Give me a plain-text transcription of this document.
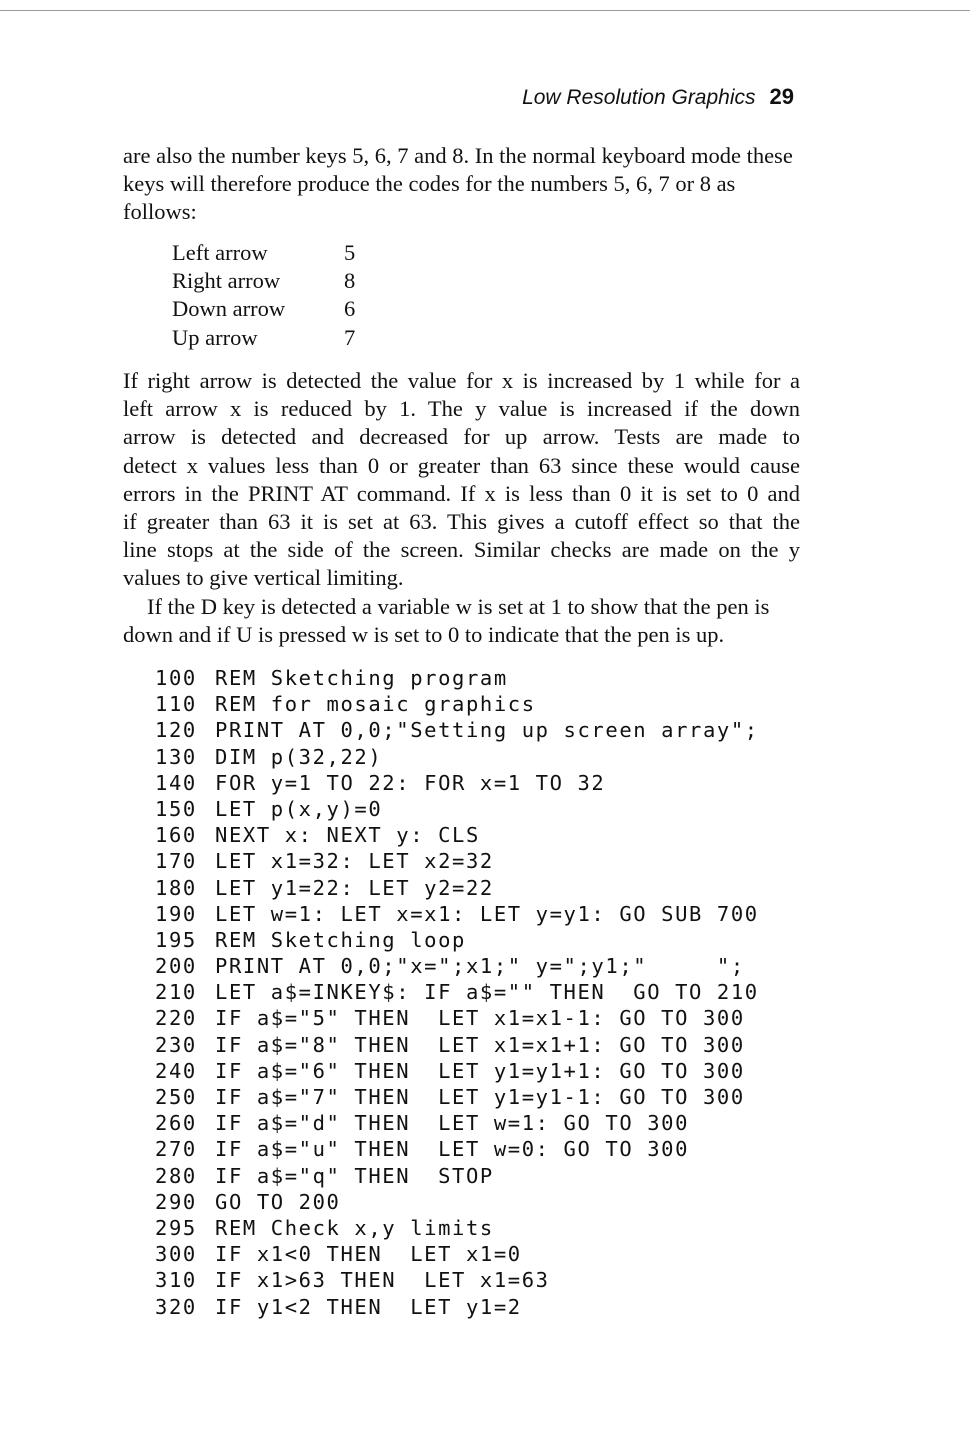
Low Resolution Graphics 29

are also the number keys 5, 6, 7 and 8. In the normal keyboard mode these keys will therefore produce the codes for the numbers 5, 6, 7 or 8 as follows:

Left arrow	5
Right arrow	8
Down arrow	6
Up arrow	7
If right arrow is detected the value for x is increased by 1 while for a
left arrow x is reduced by 1. The y value is increased if the down
arrow is detected and decreased for up arrow. Tests are made to
detect x values less than 0 or greater than 63 since these would cause
errors in the PRINT AT command. If x is less than 0 it is set to 0 and
if greater than 63 it is set at 63. This gives a cutoff effect so that the
line stops at the side of the screen. Similar checks are made on the y
values to give vertical limiting.

If the D key is detected a variable w is set at 1 to show that the pen is down and if U is pressed w is set to 0 to indicate that the pen is up.

100 REM Sketching program
110 REM for mosaic graphics
120 PRINT AT 0,0;"Setting up screen array";
130 DIM p(32,22)
140 FOR y=1 TO 22: FOR x=1 TO 32
150 LET p(x,y)=0
160 NEXT x: NEXT y: CLS
170 LET x1=32: LET x2=32
180 LET y1=22: LET y2=22
190 LET w=1: LET x=x1: LET y=y1: GO SUB 700
195 REM Sketching loop
200 PRINT AT 0,0;"x=";x1;" y=";y1;"     ";
210 LET a$=INKEY$: IF a$="" THEN  GO TO 210
220 IF a$="5" THEN  LET x1=x1-1: GO TO 300
230 IF a$="8" THEN  LET x1=x1+1: GO TO 300
240 IF a$="6" THEN  LET y1=y1+1: GO TO 300
250 IF a$="7" THEN  LET y1=y1-1: GO TO 300
260 IF a$="d" THEN  LET w=1: GO TO 300
270 IF a$="u" THEN  LET w=0: GO TO 300
280 IF a$="q" THEN  STOP
290 GO TO 200
295 REM Check x,y limits
300 IF x1<0 THEN  LET x1=0
310 IF x1>63 THEN  LET x1=63
320 IF y1<2 THEN  LET y1=2
